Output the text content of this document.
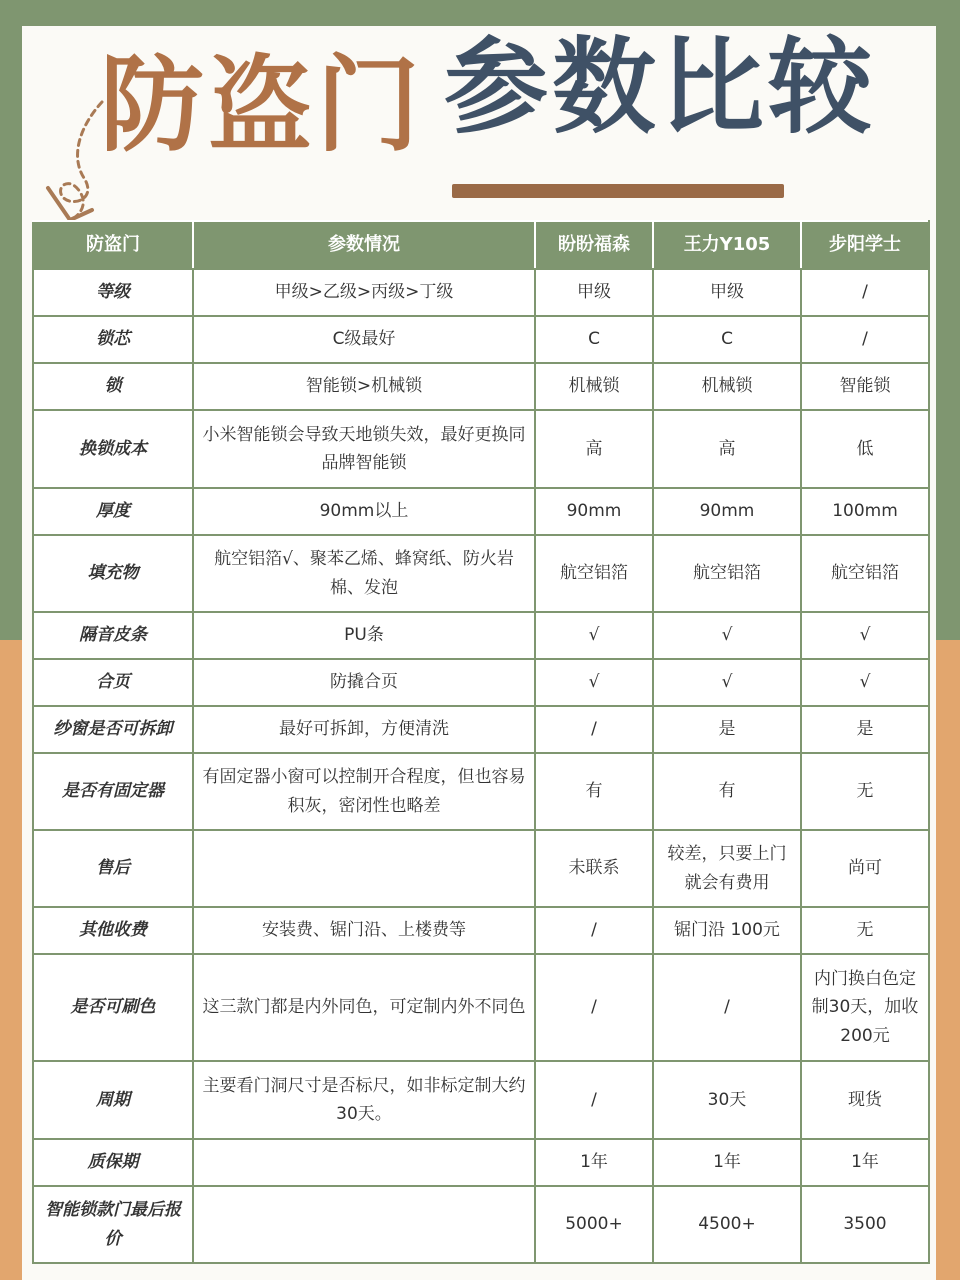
防盗门 参数比较
防盗门	参数情况	盼盼福森	王力Y105	步阳学士
等级	甲级>乙级>丙级>丁级	甲级	甲级	/
锁芯	C级最好	C	C	/
锁	智能锁>机械锁	机械锁	机械锁	智能锁
换锁成本	小米智能锁会导致天地锁失效，最好更换同品牌智能锁	高	高	低
厚度	90mm以上	90mm	90mm	100mm
填充物	航空铝箔√、聚苯乙烯、蜂窝纸、防火岩棉、发泡	航空铝箔	航空铝箔	航空铝箔
隔音皮条	PU条	√	√	√
合页	防撬合页	√	√	√
纱窗是否可拆卸	最好可拆卸，方便清洗	/	是	是
是否有固定器	有固定器小窗可以控制开合程度，但也容易积灰，密闭性也略差	有	有	无
售后		未联系	较差，只要上门就会有费用	尚可
其他收费	安装费、锯门沿、上楼费等	/	锯门沿 100元	无
是否可刷色	这三款门都是内外同色，可定制内外不同色	/	/	内门换白色定制30天，加收200元
周期	主要看门洞尺寸是否标尺，如非标定制大约30天。	/	30天	现货
质保期		1年	1年	1年
智能锁款门最后报价		5000+	4500+	3500
